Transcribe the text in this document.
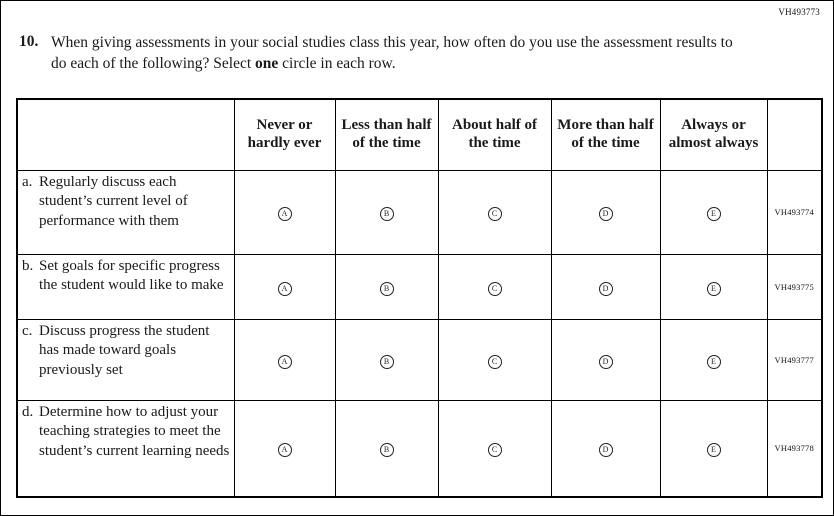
VH493773
10. When giving assessments in your social studies class this year, how often do you use the assessment results to do each of the following? Select one circle in each row.
	Never or hardly ever	Less than half of the time	About half of the time	More than half of the time	Always or almost always	

a. Regularly discuss each student’s current level of performance with them	A	B	C	D	E	VH493774

b. Set goals for specific progress the student would like to make	A	B	C	D	E	VH493775

c. Discuss progress the student has made toward goals previously set	A	B	C	D	E	VH493777

d. Determine how to adjust your teaching strategies to meet the student’s current learning needs	A	B	C	D	E	VH493778
